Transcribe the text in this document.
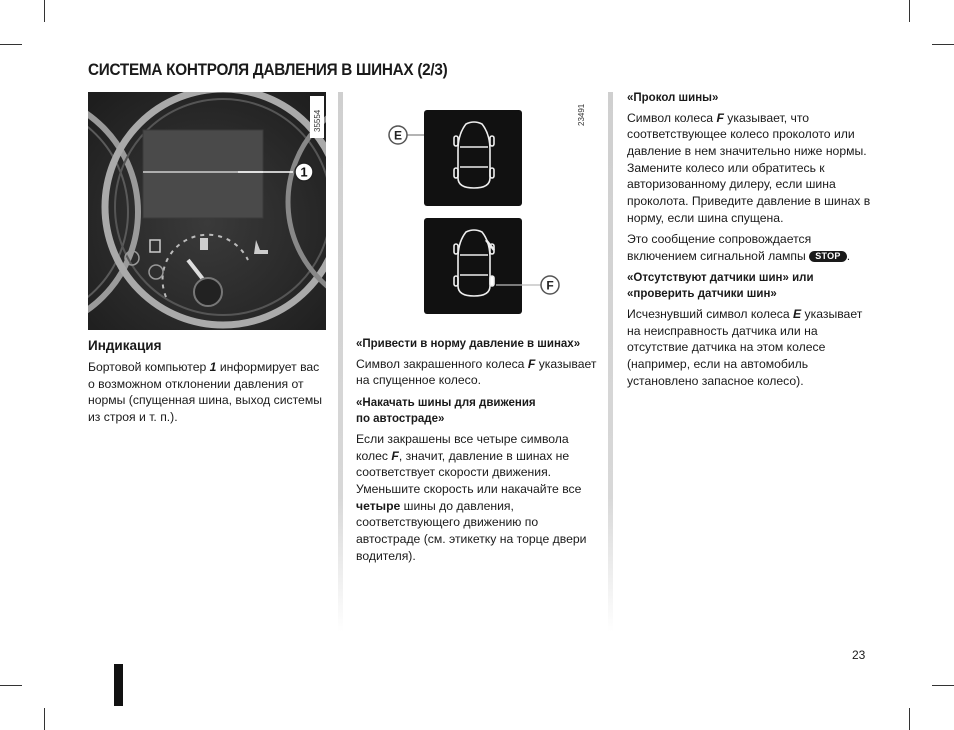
СИСТЕМА КОНТРОЛЯ ДАВЛЕНИЯ В ШИНАХ (2/3)
1
35554
Индикация

Бортовой компьютер 1 информирует вас о возможном отклонении давления от нормы (спущенная шина, выход системы из строя и т. п.).

E
F
23491
«Привести в норму давление в шинах»

Символ закрашенного колеса F указывает на спущенное колесо.

«Накачать шины для движения
по автостраде»

Если закрашены все четыре символа колес F, значит, давление в шинах не соответствует скорости движения. Уменьшите скорость или накачайте все четыре шины до давления, соответствующего движению по автостраде (см. этикетку на торце двери водителя).

«Прокол шины»

Символ колеса F указывает, что соответствующее колесо проколото или давление в нем значительно ниже нормы. Замените колесо или обратитесь к авторизованному дилеру, если шина проколота. Приведите давление в шинах в норму, если шина спущена.

Это сообщение сопровождается включением сигнальной лампы STOP .

«Отсутствуют датчики шин» или
«проверить датчики шин»

Исчезнувший символ колеса E указывает на неисправность датчика или на отсутствие датчика на этом колесе (например, если на автомобиль установлено запасное колесо).

23
